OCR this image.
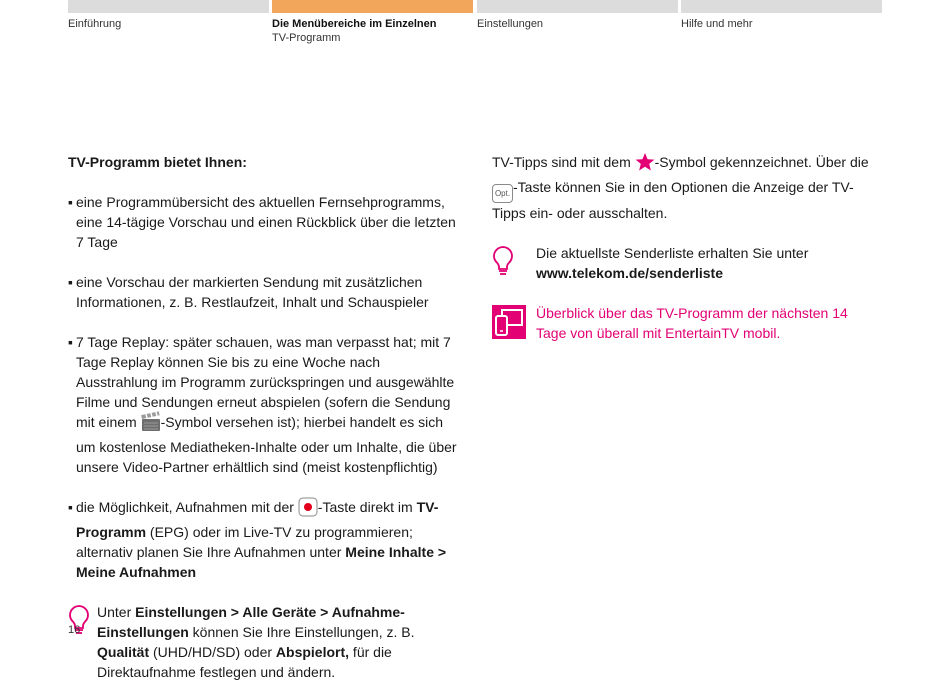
Einführung	Die Menübereiche im Einzelnen
TV-Programm
Einstellungen	Hilfe und mehr
TV-Programm bietet Ihnen:
▪ eine Programmübersicht des aktuellen Fernsehprogramms, eine 14-tägige Vorschau und einen Rückblick über die letzten 7 Tage
▪ eine Vorschau der markierten Sendung mit zusätzlichen Informationen, z. B. Restlaufzeit, Inhalt und Schauspieler
▪ 7 Tage Replay: später schauen, was man verpasst hat; mit 7 Tage Replay können Sie bis zu eine Woche nach Ausstrahlung im Programm zurückspringen und ausgewählte Filme und Sendungen erneut abspielen (sofern die Sendung mit einem -Symbol versehen ist); hierbei handelt es sich um kostenlose Mediatheken-Inhalte oder um Inhalte, die über unsere Video-Partner erhältlich sind (meist kostenpflichtig)
▪ die Möglichkeit, Aufnahmen mit der -Taste direkt im TV-Programm (EPG) oder im Live-TV zu programmieren; alternativ planen Sie Ihre Aufnahmen unter Meine Inhalte > Meine Aufnahmen
Unter Einstellungen > Alle Geräte > Aufnahme-Einstellungen können Sie Ihre Einstellungen, z. B. Qualität (UHD/HD/SD) oder Abspielort, für die Direktaufnahme festlegen und ändern.
TV-Tipps sind mit dem -Symbol gekennzeichnet. Über die Opt. -Taste können Sie in den Optionen die Anzeige der TV-Tipps ein- oder ausschalten.
Die aktuellste Senderliste erhalten Sie unter
www.telekom.de/senderliste
Überblick über das TV-Programm der nächsten 14 Tage von überall mit EntertainTV mobil.
16
